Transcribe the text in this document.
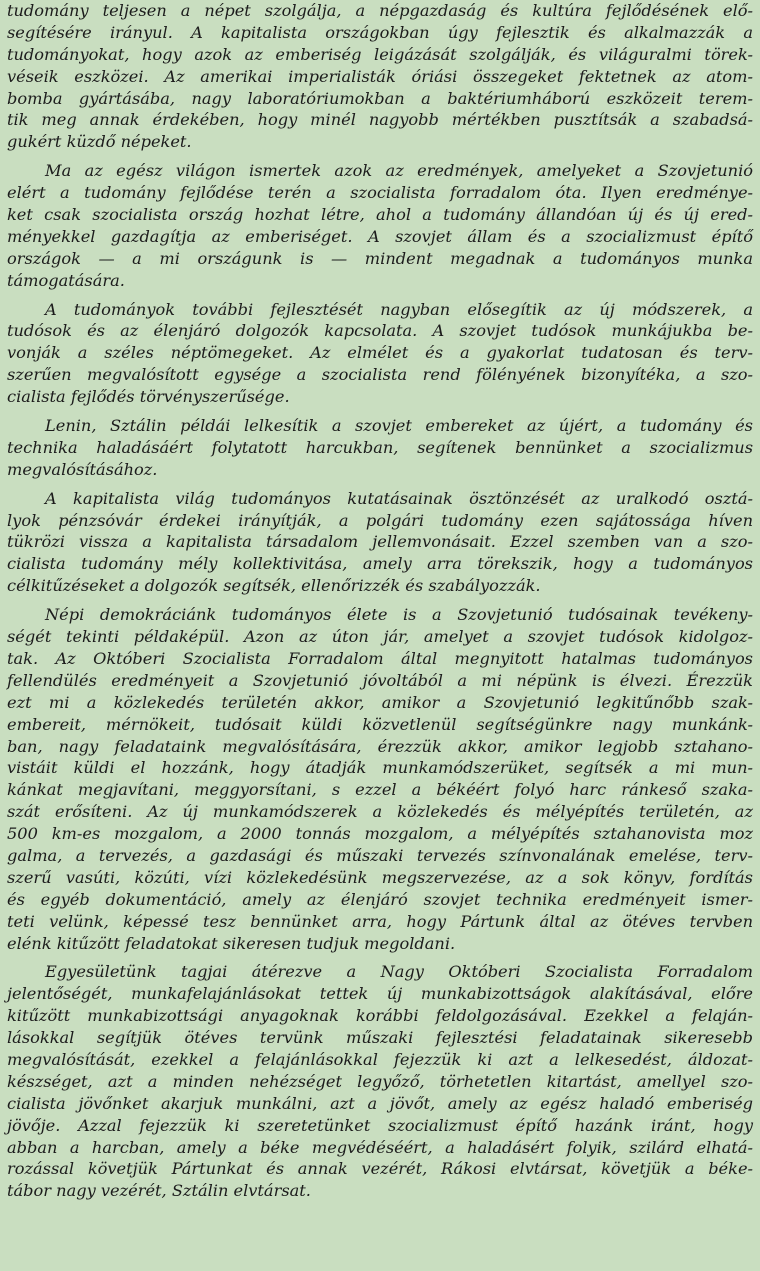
tudomány teljesen a népet szolgálja, a népgazdaság és kultúra fejlődésének elő-
segítésére irányul. A kapitalista országokban úgy fejlesztik és alkalmazzák a
tudományokat, hogy azok az emberiség leigázását szolgálják, és világuralmi törek-
véseik eszközei. Az amerikai imperialisták óriási összegeket fektetnek az atom-
bomba gyártásába, nagy laboratóriumokban a baktériumháború eszközeit terem-
tik meg annak érdekében, hogy minél nagyobb mértékben pusztítsák a szabadsá-
gukért küzdő népeket.
Ma az egész világon ismertek azok az eredmények, amelyeket a Szovjetunió
elért a tudomány fejlődése terén a szocialista forradalom óta. Ilyen eredménye-
ket csak szocialista ország hozhat létre, ahol a tudomány állandóan új és új ered-
ményekkel gazdagítja az emberiséget. A szovjet állam és a szocializmust építő
országok — a mi országunk is — mindent megadnak a tudományos munka
támogatására.
A tudományok további fejlesztését nagyban elősegítik az új módszerek, a
tudósok és az élenjáró dolgozók kapcsolata. A szovjet tudósok munkájukba be-
vonják a széles néptömegeket. Az elmélet és a gyakorlat tudatosan és terv-
szerűen megvalósított egysége a szocialista rend fölényének bizonyítéka, a szo-
cialista fejlődés törvényszerűsége.
Lenin, Sztálin példái lelkesítik a szovjet embereket az újért, a tudomány és
technika haladásáért folytatott harcukban, segítenek bennünket a szocializmus
megvalósításához.
A kapitalista világ tudományos kutatásainak ösztönzését az uralkodó osztá-
lyok pénzsóvár érdekei irányítják, a polgári tudomány ezen sajátossága híven
tükrözi vissza a kapitalista társadalom jellemvonásait. Ezzel szemben van a szo-
cialista tudomány mély kollektivitása, amely arra törekszik, hogy a tudományos
célkitűzéseket a dolgozók segítsék, ellenőrizzék és szabályozzák.
Népi demokráciánk tudományos élete is a Szovjetunió tudósainak tevékeny-
ségét tekinti példaképül. Azon az úton jár, amelyet a szovjet tudósok kidolgoz-
tak. Az Októberi Szocialista Forradalom által megnyitott hatalmas tudományos
fellendülés eredményeit a Szovjetunió jóvoltából a mi népünk is élvezi. Érezzük
ezt mi a közlekedés területén akkor, amikor a Szovjetunió legkitűnőbb szak-
embereit, mérnökeit, tudósait küldi közvetlenül segítségünkre nagy munkánk-
ban, nagy feladataink megvalósítására, érezzük akkor, amikor legjobb sztahano-
vistáit küldi el hozzánk, hogy átadják munkamódszerüket, segítsék a mi mun-
kánkat megjavítani, meggyorsítani, s ezzel a békéért folyó harc ránkeső szaka-
szát erősíteni. Az új munkamódszerek a közlekedés és mélyépítés területén, az
500 km-es mozgalom, a 2000 tonnás mozgalom, a mélyépítés sztahanovista moz
galma, a tervezés, a gazdasági és műszaki tervezés színvonalának emelése, terv-
szerű vasúti, közúti, vízi közlekedésünk megszervezése, az a sok könyv, fordítás
és egyéb dokumentáció, amely az élenjáró szovjet technika eredményeit ismer-
teti velünk, képessé tesz bennünket arra, hogy Pártunk által az ötéves tervben
elénk kitűzött feladatokat sikeresen tudjuk megoldani.
Egyesületünk tagjai átérezve a Nagy Októberi Szocialista Forradalom
jelentőségét, munkafelajánlásokat tettek új munkabizottságok alakításával, előre
kitűzött munkabizottsági anyagoknak korábbi feldolgozásával. Ezekkel a felaján-
lásokkal segítjük ötéves tervünk műszaki fejlesztési feladatainak sikeresebb
megvalósítását, ezekkel a felajánlásokkal fejezzük ki azt a lelkesedést, áldozat-
készséget, azt a minden nehézséget legyőző, törhetetlen kitartást, amellyel szo-
cialista jövőnket akarjuk munkálni, azt a jövőt, amely az egész haladó emberiség
jövője. Azzal fejezzük ki szeretetünket szocializmust építő hazánk iránt, hogy
abban a harcban, amely a béke megvédéséért, a haladásért folyik, szilárd elhatá-
rozással követjük Pártunkat és annak vezérét, Rákosi elvtársat, követjük a béke-
tábor nagy vezérét, Sztálin elvtársat.
